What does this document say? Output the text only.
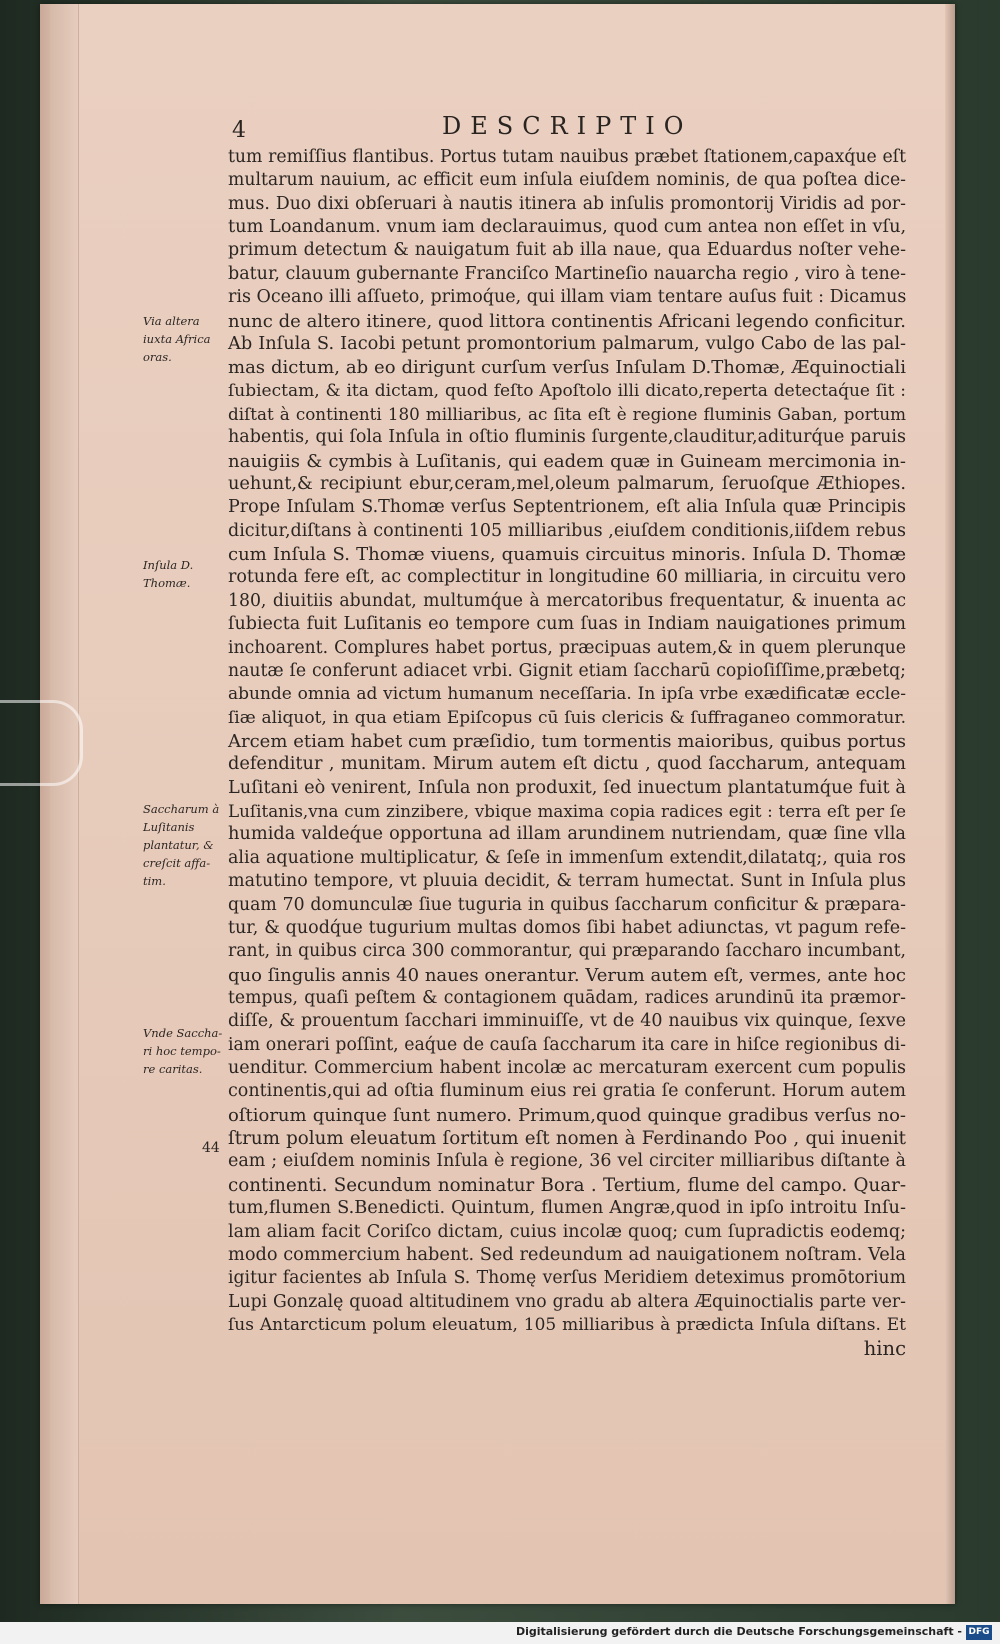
4	DESCRIPTIO
tum remiſſius flantibus. Portus tutam nauibus præbet ſtationem,capaxq́ue eſt
multarum nauium, ac efficit eum inſula eiuſdem nominis, de qua poſtea dice-
mus. Duo dixi obſeruari à nautis itinera ab inſulis promontorij Viridis ad por-
tum Loandanum. vnum iam declarauimus, quod cum antea non eſſet in vſu,
primum detectum & nauigatum fuit ab illa naue, qua Eduardus noſter vehe-
batur, clauum gubernante Franciſco Martineſio nauarcha regio , viro à tene-
ris Oceano illi aſſueto, primoq́ue, qui illam viam tentare auſus fuit : Dicamus
nunc de altero itinere, quod littora continentis Africani legendo conficitur.
Ab Inſula S. Iacobi petunt promontorium palmarum, vulgo Cabo de las pal-
mas dictum, ab eo dirigunt curſum verſus Inſulam D.Thomæ, Æquinoctiali
ſubiectam, & ita dictam, quod feſto Apoſtolo illi dicato,reperta detectaq́ue ſit :
diſtat à continenti 180 milliaribus, ac ſita eſt è regione fluminis Gaban, portum
habentis, qui ſola Inſula in oſtio fluminis ſurgente,clauditur,aditurq́ue paruis
nauigiis & cymbis à Luſitanis, qui eadem quæ in Guineam mercimonia in-
uehunt,& recipiunt ebur,ceram,mel,oleum palmarum, ſeruoſque Æthiopes.
Prope Inſulam S.Thomæ verſus Septentrionem, eſt alia Inſula quæ Principis
dicitur,diſtans à continenti 105 milliaribus ,eiuſdem conditionis,iiſdem rebus
cum Inſula S. Thomæ viuens, quamuis circuitus minoris. Inſula D. Thomæ
rotunda fere eſt, ac complectitur in longitudine 60 milliaria, in circuitu vero
180, diuitiis abundat, multumq́ue à mercatoribus frequentatur, & inuenta ac
ſubiecta fuit Luſitanis eo tempore cum ſuas in Indiam nauigationes primum
inchoarent. Complures habet portus, præcipuas autem,& in quem plerunque
nautæ ſe conferunt adiacet vrbi. Gignit etiam ſaccharū copioſiſſime,præbetq;
abunde omnia ad victum humanum neceſſaria. In ipſa vrbe exædificatæ eccle-
ſiæ aliquot, in qua etiam Epiſcopus cū ſuis clericis & ſuffraganeo commoratur.
Arcem etiam habet cum præſidio, tum tormentis maioribus, quibus portus
defenditur , munitam. Mirum autem eſt dictu , quod ſaccharum, antequam
Luſitani eò venirent, Inſula non produxit, ſed inuectum plantatumq́ue fuit à
Luſitanis,vna cum zinzibere, vbique maxima copia radices egit : terra eſt per ſe
humida valdeq́ue opportuna ad illam arundinem nutriendam, quæ ſine vlla
alia aquatione multiplicatur, & ſeſe in immenſum extendit,dilatatq;, quia ros
matutino tempore, vt pluuia decidit, & terram humectat. Sunt in Inſula plus
quam 70 domunculæ ſiue tuguria in quibus ſaccharum conficitur & præpara-
tur, & quodq́ue tugurium multas domos ſibi habet adiunctas, vt pagum refe-
rant, in quibus circa 300 commorantur, qui præparando ſaccharo incumbant,
quo ſingulis annis 40 naues onerantur. Verum autem eſt, vermes, ante hoc
tempus, quaſi peſtem & contagionem quādam, radices arundinū ita præmor-
diſſe, & prouentum ſacchari imminuiſſe, vt de 40 nauibus vix quinque, ſexve
iam onerari poſſint, eaq́ue de cauſa ſaccharum ita care in hiſce regionibus di-
uenditur. Commercium habent incolæ ac mercaturam exercent cum populis
continentis,qui ad oſtia fluminum eius rei gratia ſe conferunt. Horum autem
oſtiorum quinque ſunt numero. Primum,quod quinque gradibus verſus no-
ſtrum polum eleuatum ſortitum eſt nomen à Ferdinando Poo , qui inuenit
eam ; eiuſdem nominis Inſula è regione, 36 vel circiter milliaribus diſtante à
continenti. Secundum nominatur Bora . Tertium, flume del campo. Quar-
tum,flumen S.Benedicti. Quintum, flumen Angræ,quod in ipſo introitu Inſu-
lam aliam facit Coriſco dictam, cuius incolæ quoq; cum ſupradictis eodemq;
modo commercium habent. Sed redeundum ad nauigationem noſtram. Vela
igitur facientes ab Inſula S. Thomę verſus Meridiem deteximus promōtorium
Lupi Gonzalę quoad altitudinem vno gradu ab altera Æquinoctialis parte ver-
ſus Antarcticum polum eleuatum, 105 milliaribus à prædicta Inſula diſtans. Et
hinc
Via altera
iuxta Africa
oras.
Inſula D.
Thomæ.
Saccharum à
Luſitanis
plantatur, &
creſcit affa-
tim.
Vnde Saccha-
ri hoc tempo-
re caritas.
44
Digitalisierung gefördert durch die Deutsche Forschungsgemeinschaft - DFG
